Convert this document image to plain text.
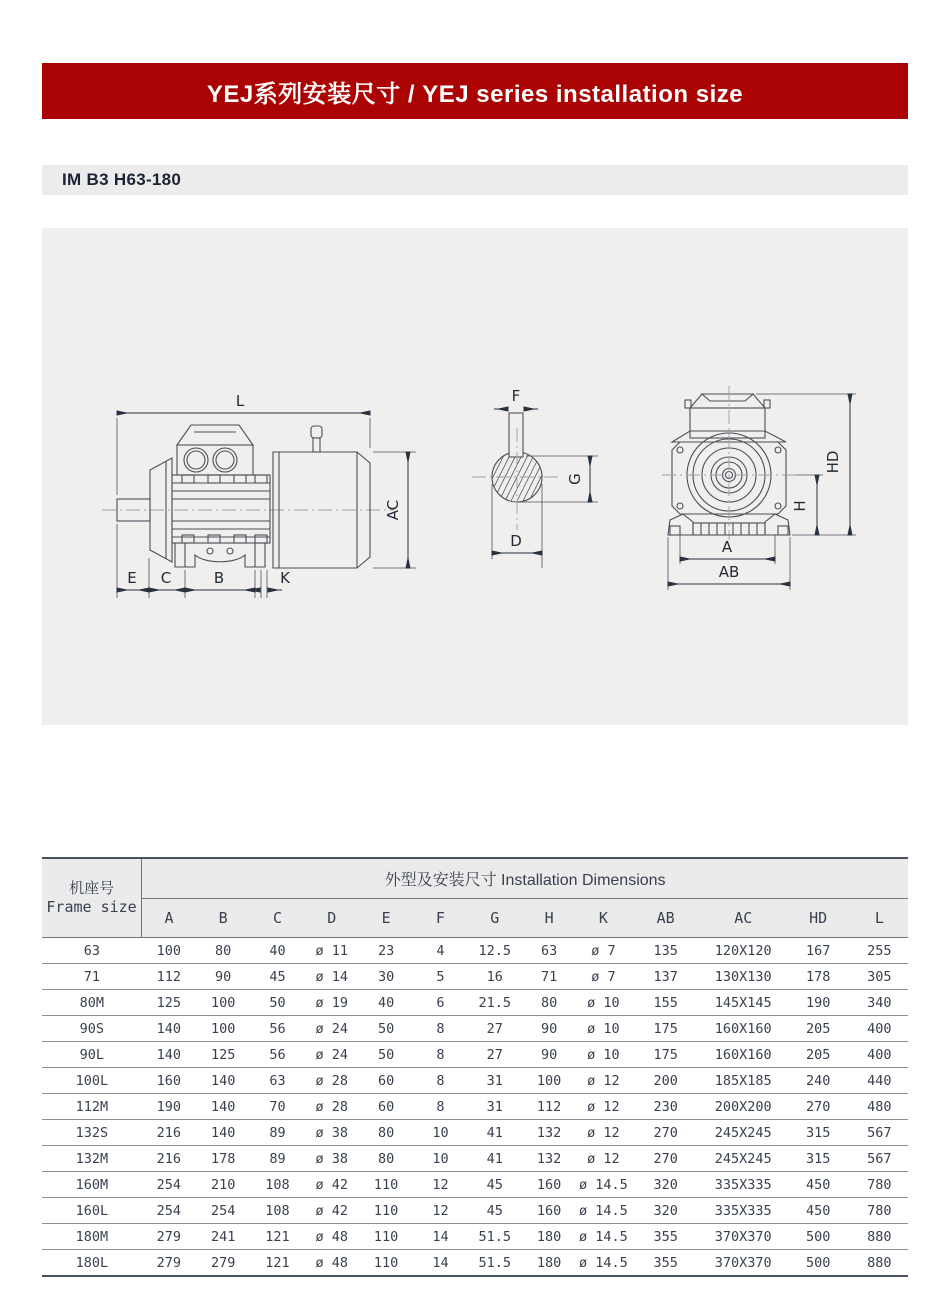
YEJ系列安装尺寸 / YEJ series installation size
IM B3 H63-180
L
AC
E C	B	K
F
G
D
HD
H
A
AB
机座号
Frame size	外型及安装尺寸 Installation Dimensions												
	A	B	C	D	E	F	G	H	K	AB	AC	HD	L
63	100	80	40	ø 11	23	4	12.5	63	ø 7	135	120X120	167	255
71	112	90	45	ø 14	30	5	16	71	ø 7	137	130X130	178	305
80M	125	100	50	ø 19	40	6	21.5	80	ø 10	155	145X145	190	340
90S	140	100	56	ø 24	50	8	27	90	ø 10	175	160X160	205	400
90L	140	125	56	ø 24	50	8	27	90	ø 10	175	160X160	205	400
100L	160	140	63	ø 28	60	8	31	100	ø 12	200	185X185	240	440
112M	190	140	70	ø 28	60	8	31	112	ø 12	230	200X200	270	480
132S	216	140	89	ø 38	80	10	41	132	ø 12	270	245X245	315	567
132M	216	178	89	ø 38	80	10	41	132	ø 12	270	245X245	315	567
160M	254	210	108	ø 42	110	12	45	160	ø 14.5	320	335X335	450	780
160L	254	254	108	ø 42	110	12	45	160	ø 14.5	320	335X335	450	780
180M	279	241	121	ø 48	110	14	51.5	180	ø 14.5	355	370X370	500	880
180L	279	279	121	ø 48	110	14	51.5	180	ø 14.5	355	370X370	500	880
